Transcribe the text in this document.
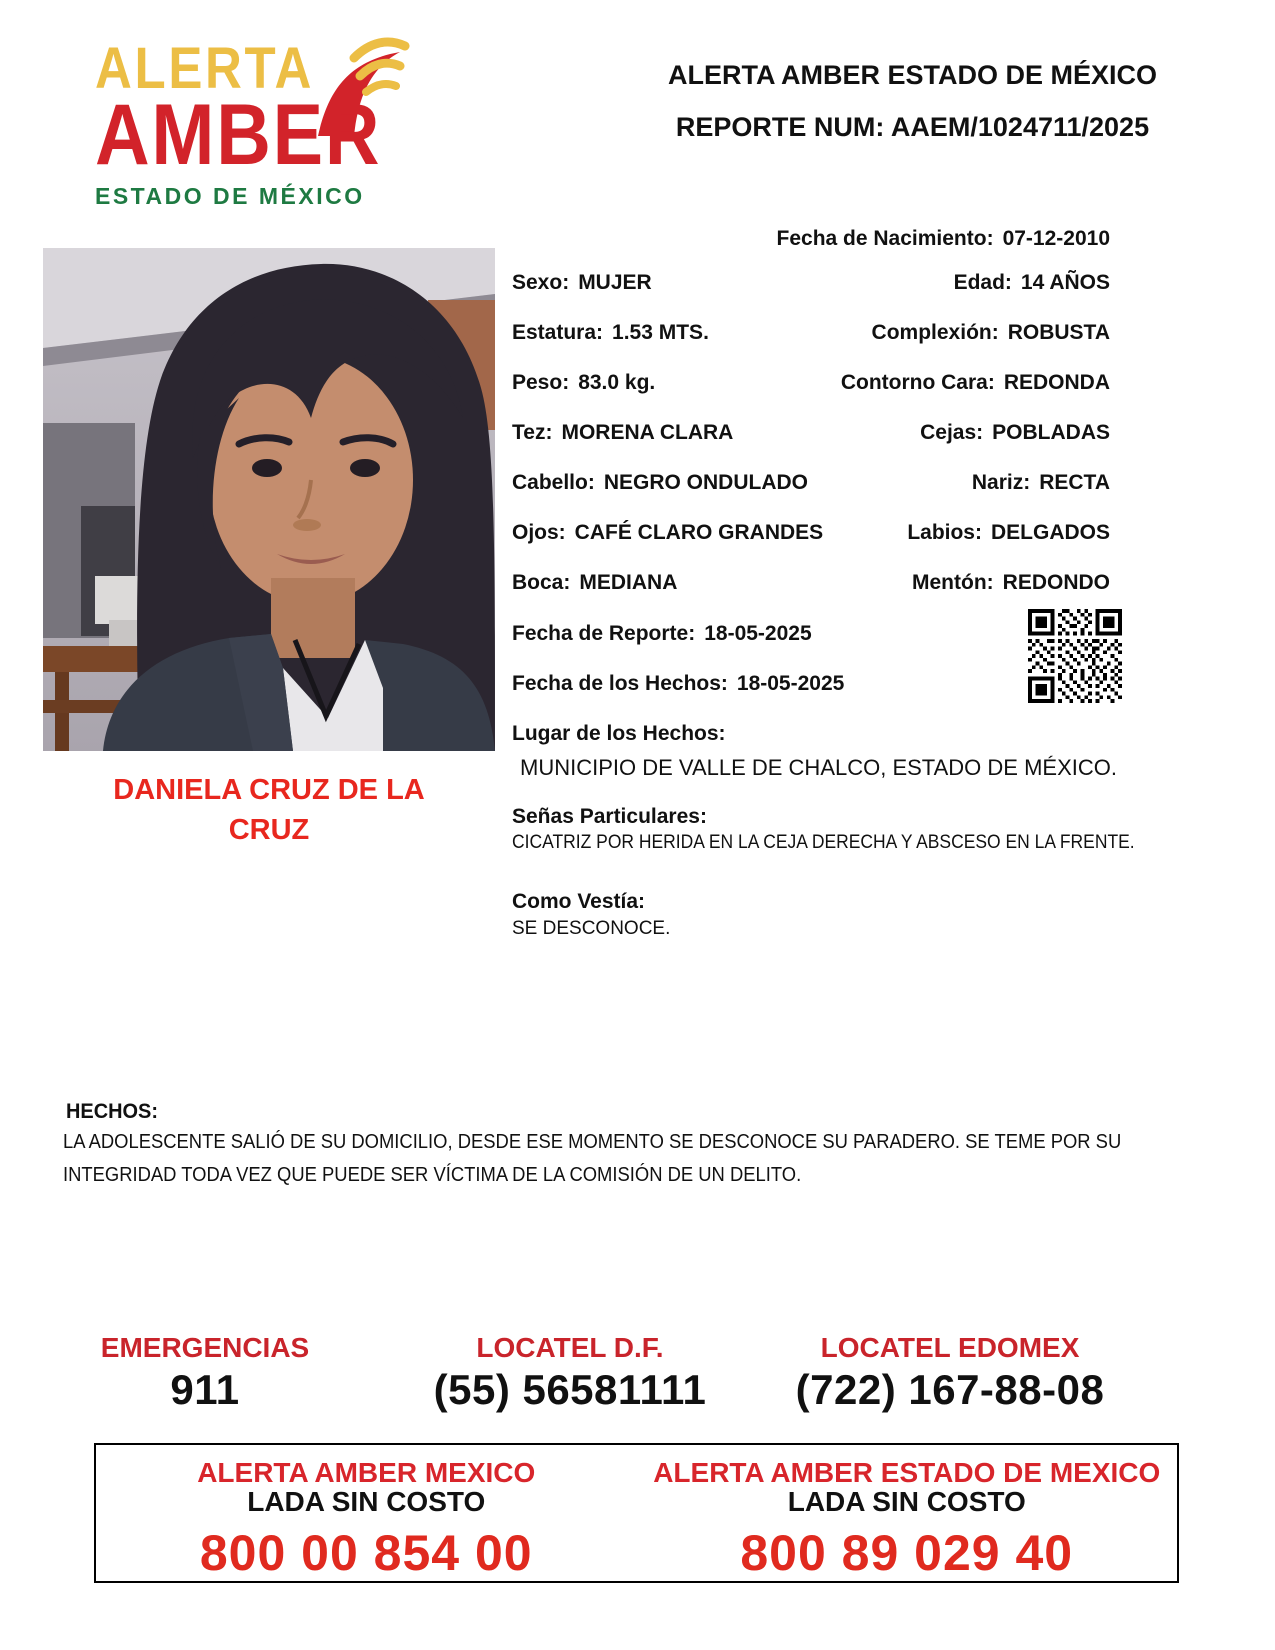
ALERTA
AMBER
ESTADO DE MÉXICO
ALERTA AMBER ESTADO DE MÉXICO
REPORTE NUM: AAEM/1024711/2025
DANIELA CRUZ DE LA CRUZ
Fecha de Nacimiento: 07-12-2010
Sexo: MUJER	Edad: 14 AÑOS
Estatura: 1.53 MTS.	Complexión: ROBUSTA
Peso: 83.0 kg.	Contorno Cara: REDONDA
Tez: MORENA CLARA	Cejas: POBLADAS
Cabello: NEGRO ONDULADO	Nariz: RECTA
Ojos: CAFÉ CLARO GRANDES	Labios: DELGADOS
Boca: MEDIANA	Mentón: REDONDO
Fecha de Reporte: 18-05-2025
Fecha de los Hechos: 18-05-2025
Lugar de los Hechos:
MUNICIPIO DE VALLE DE CHALCO, ESTADO DE MÉXICO.
Señas Particulares:
CICATRIZ POR HERIDA EN LA CEJA DERECHA Y ABSCESO EN LA FRENTE.
Como Vestía:
SE DESCONOCE.
HECHOS:
LA ADOLESCENTE SALIÓ DE SU DOMICILIO, DESDE ESE MOMENTO SE DESCONOCE SU PARADERO. SE TEME POR SU INTEGRIDAD TODA VEZ QUE PUEDE SER VÍCTIMA DE LA COMISIÓN DE UN DELITO.
EMERGENCIAS
911
LOCATEL D.F.
(55) 56581111
LOCATEL EDOMEX
(722) 167-88-08
ALERTA AMBER MEXICO
LADA SIN COSTO
800 00 854 00
ALERTA AMBER ESTADO DE MEXICO
LADA SIN COSTO
800 89 029 40
